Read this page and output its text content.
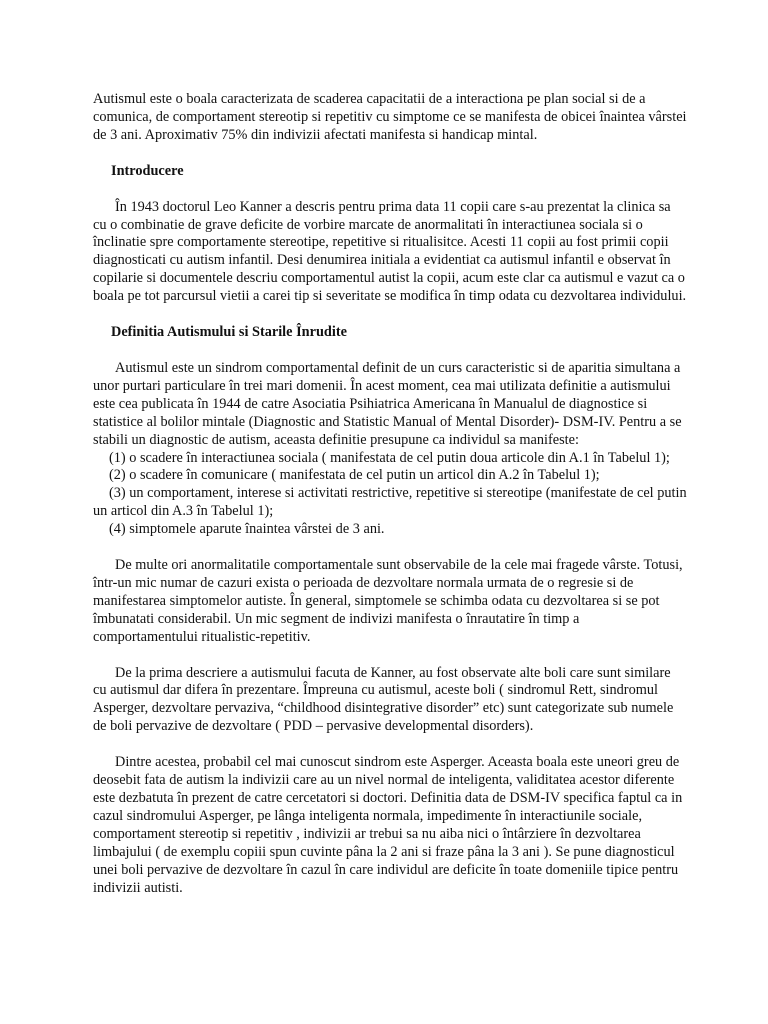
Autismul este o boala caracterizata de scaderea capacitatii de a interactiona pe plan social si de a comunica, de comportament stereotip si repetitiv cu simptome ce se manifesta de obicei înaintea vârstei de 3 ani. Aproximativ 75% din indivizii afectati manifesta si handicap mintal.

Introducere

În 1943 doctorul Leo Kanner a descris pentru prima data 11 copii care s-au prezentat la clinica sa cu o combinatie de grave deficite de vorbire marcate de anormalitati în interactiunea sociala si o înclinatie spre comportamente stereotipe, repetitive si ritualisitce. Acesti 11 copii au fost primii copii diagnosticati cu autism infantil. Desi denumirea initiala a evidentiat ca autismul infantil e observat în copilarie si documentele descriu comportamentul autist la copii, acum este clar ca autismul e vazut ca o boala pe tot parcursul vietii a carei tip si severitate se modifica în timp odata cu dezvoltarea individului.

Definitia Autismului si Starile Înrudite

Autismul este un sindrom comportamental definit de un curs caracteristic si de aparitia simultana a unor purtari particulare în trei mari domenii. În acest moment, cea mai utilizata definitie a autismului este cea publicata în 1944 de catre Asociatia Psihiatrica Americana în Manualul de diagnostice si statistice al bolilor mintale (Diagnostic and Statistic Manual of Mental Disorder)- DSM-IV. Pentru a se stabili un diagnostic de autism, aceasta definitie presupune ca individul sa manifeste:

(1) o scadere în interactiunea sociala ( manifestata de cel putin doua articole din A.1 în Tabelul 1);

(2) o scadere în comunicare ( manifestata de cel putin un articol din A.2 în Tabelul 1);

(3) un comportament, interese si activitati restrictive, repetitive si stereotipe (manifestate de cel putin un articol din A.3 în Tabelul 1);

(4) simptomele aparute înaintea vârstei de 3 ani.

De multe ori anormalitatile comportamentale sunt observabile de la cele mai fragede vârste. Totusi, într-un mic numar de cazuri exista o perioada de dezvoltare normala urmata de o regresie si de manifestarea simptomelor autiste. În general, simptomele se schimba odata cu dezvoltarea si se pot îmbunatati considerabil. Un mic segment de indivizi manifesta o înrautatire în timp a comportamentului ritualistic-repetitiv.

De la prima descriere a autismului facuta de Kanner, au fost observate alte boli care sunt similare cu autismul dar difera în prezentare. Împreuna cu autismul, aceste boli ( sindromul Rett, sindromul Asperger, dezvoltare pervaziva, “childhood disintegrative disorder” etc) sunt categorizate sub numele de boli pervazive de dezvoltare ( PDD – pervasive developmental disorders).

Dintre acestea, probabil cel mai cunoscut sindrom este Asperger. Aceasta boala este uneori greu de deosebit fata de autism la indivizii care au un nivel normal de inteligenta, validitatea acestor diferente este dezbatuta în prezent de catre cercetatori si doctori. Definitia data de DSM-IV specifica faptul ca in cazul sindromului Asperger, pe lânga inteligenta normala, impedimente în interactiunile sociale, comportament stereotip si repetitiv , indivizii ar trebui sa nu aiba nici o întârziere în dezvoltarea limbajului ( de exemplu copiii spun cuvinte pâna la 2 ani si fraze pâna la 3 ani ). Se pune diagnosticul unei boli pervazive de dezvoltare în cazul în care individul are deficite în toate domeniile tipice pentru indivizii autisti.
